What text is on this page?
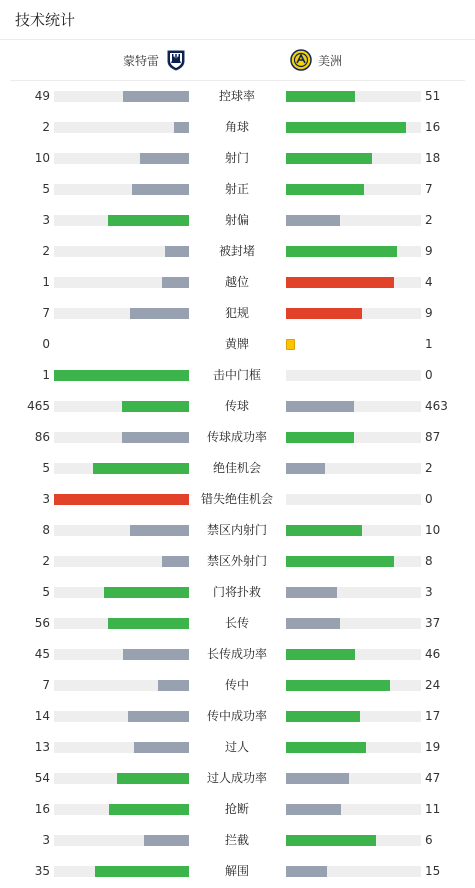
技术统计
蒙特雷	美洲
49	控球率	51
2	角球	16
10	射门	18
5	射正	7
3	射偏	2
2	被封堵	9
1	越位	4
7	犯规	9
0	黄牌	1
1	击中门框	0
465	传球	463
86	传球成功率	87
5	绝佳机会	2
3	错失绝佳机会	0
8	禁区内射门	10
2	禁区外射门	8
5	门将扑救	3
56	长传	37
45	长传成功率	46
7	传中	24
14	传中成功率	17
13	过人	19
54	过人成功率	47
16	抢断	11
3	拦截	6
35	解围	15
